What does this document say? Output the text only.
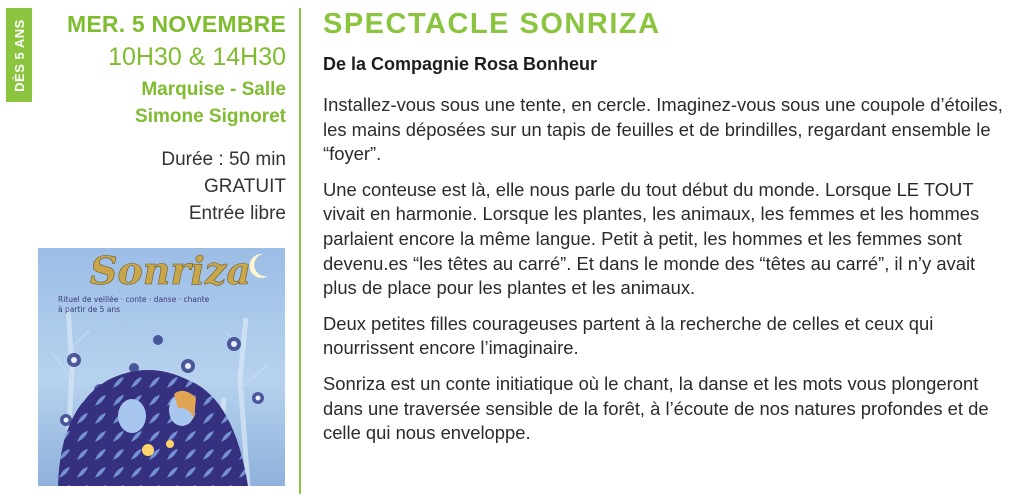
DÈS 5 ANS	MER. 5 NOVEMBRE
10H30 & 14H30
Marquise - Salle
Simone Signoret
Durée : 50 min
GRATUIT
Entrée libre
Sonriza
Rituel de veillée · conte · danse · chante
à partir de 5 ans
SPECTACLE SONRIZA
De la Compagnie Rosa Bonheur

Installez-vous sous une tente, en cercle. Imaginez-vous sous une coupole d’étoiles, les mains déposées sur un tapis de feuilles et de brindilles, regardant ensemble le “foyer”.

Une conteuse est là, elle nous parle du tout début du monde. Lorsque LE TOUT vivait en harmonie. Lorsque les plantes, les animaux, les femmes et les hommes parlaient encore la même langue. Petit à petit, les hommes et les femmes sont devenu.es “les têtes au carré”. Et dans le monde des “têtes au carré”, il n’y avait plus de place pour les plantes et les animaux.

Deux petites filles courageuses partent à la recherche de celles et ceux qui nourrissent encore l’imaginaire.

Sonriza est un conte initiatique où le chant, la danse et les mots vous plongeront dans une traversée sensible de la forêt, à l’écoute de nos natures profondes et de celle qui nous enveloppe.
